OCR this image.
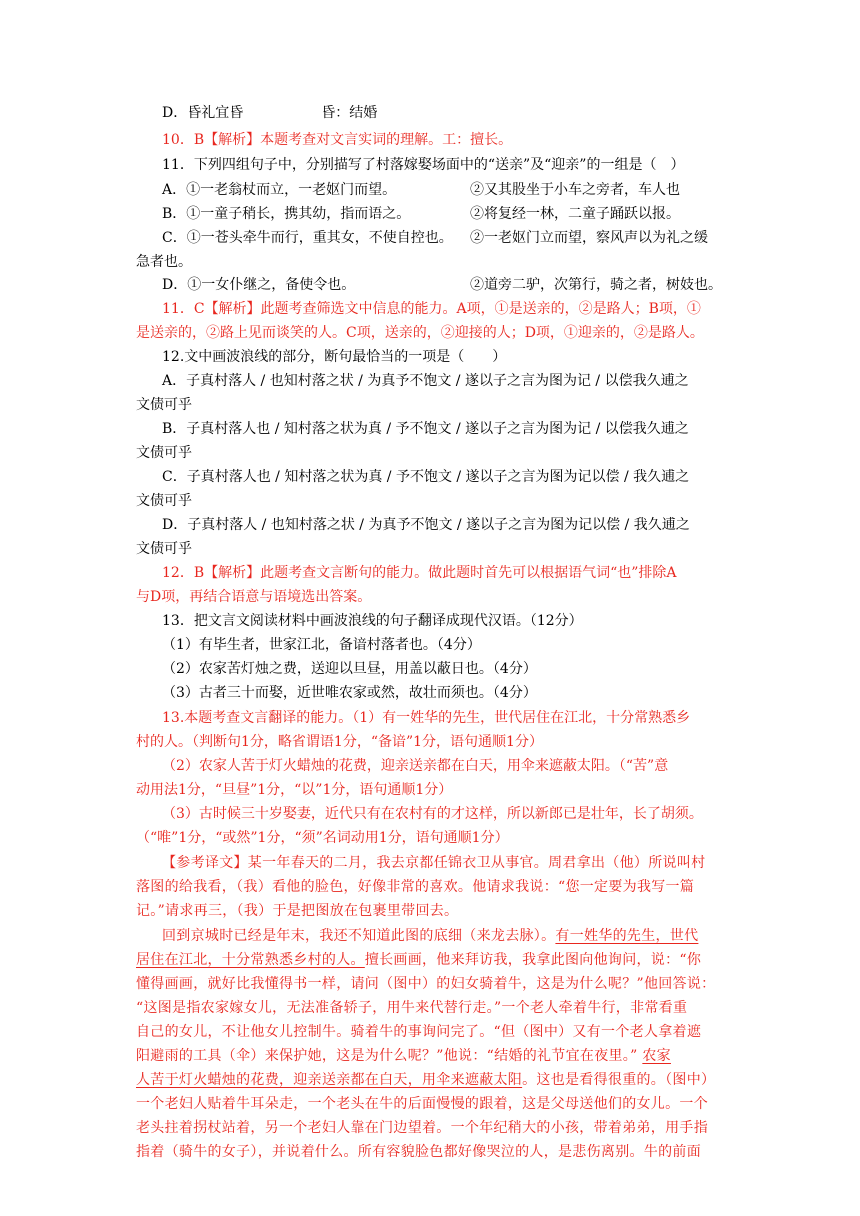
D．昏礼宜昏	昏：结婚
10．B【解析】本题考查对文言实词的理解。工：擅长。
11．下列四组句子中，分别描写了村落嫁娶场面中的“送亲”及“迎亲”的一组是（　）
A．①一老翁杖而立，一老妪门而望。	②又其股坐于小车之旁者，车人也
B．①一童子稍长，携其幼，指而语之。	②将复经一林，二童子踊跃以报。
C．①一苍头牵牛而行，重其女，不使自控也。 ②一老妪门立而望，察风声以为礼之缓
急者也。
D．①一女仆继之，备使令也。	②道旁二驴，次第行，骑之者，树妓也。
11．C【解析】此题考查筛选文中信息的能力。A项，①是送亲的，②是路人；B项，①
是送亲的，②路上见而谈笑的人。C项，送亲的，②迎接的人；D项，①迎亲的，②是路人。
12.文中画波浪线的部分，断句最恰当的一项是（　　）
A．子真村落人 / 也知村落之状 / 为真予不饱文 / 遂以子之言为图为记 / 以偿我久逋之
文债可乎
B．子真村落人也 / 知村落之状为真 / 予不饱文 / 遂以子之言为图为记 / 以偿我久逋之
文债可乎
C．子真村落人也 / 知村落之状为真 / 予不饱文 / 遂以子之言为图为记以偿 / 我久逋之
文债可乎
D．子真村落人 / 也知村落之状 / 为真予不饱文 / 遂以子之言为图为记以偿 / 我久逋之
文债可乎
12．B【解析】此题考查文言断句的能力。做此题时首先可以根据语气词“也”排除A
与D项，再结合语意与语境选出答案。
13．把文言文阅读材料中画波浪线的句子翻译成现代汉语。（12分）
（1）有毕生者，世家江北，备谙村落者也。（4分）
（2）农家苦灯烛之费，送迎以旦昼，用盖以蔽日也。（4分）
（3）古者三十而娶，近世唯农家或然，故壮而须也。（4分）
13.本题考查文言翻译的能力。（1）有一姓华的先生，世代居住在江北，十分常熟悉乡
村的人。（判断句1分，略省谓语1分，“备谙”1分，语句通顺1分）
（2）农家人苦于灯火蜡烛的花费，迎亲送亲都在白天，用伞来遮蔽太阳。（“苦”意
动用法1分，“旦昼”1分，“以”1分，语句通顺1分）
（3）古时候三十岁娶妻，近代只有在农村有的才这样，所以新郎已是壮年，长了胡须。
（“唯”1分，“或然”1分，“须”名词动用1分，语句通顺1分）
【参考译文】某一年春天的二月，我去京都任锦衣卫从事官。周君拿出（他）所说叫村
落图的给我看，（我）看他的脸色，好像非常的喜欢。他请求我说：“您一定要为我写一篇
记。”请求再三，（我）于是把图放在包裹里带回去。
回到京城时已经是年末，我还不知道此图的底细（来龙去脉）。有一姓华的先生，世代
居住在江北，十分常熟悉乡村的人。擅长画画，他来拜访我，我拿此图向他询问，说：“你
懂得画画，就好比我懂得书一样，请问（图中）的妇女骑着牛，这是为什么呢？”他回答说：
“这图是指农家嫁女儿，无法准备轿子，用牛来代替行走。”一个老人牵着牛行，非常看重
自己的女儿，不让他女儿控制牛。骑着牛的事询问完了。“但（图中）又有一个老人拿着遮
阳避雨的工具（伞）来保护她，这是为什么呢？”他说：“结婚的礼节宜在夜里。” 农家
人苦于灯火蜡烛的花费，迎亲送亲都在白天，用伞来遮蔽太阳。这也是看得很重的。（图中）
一个老妇人贴着牛耳朵走，一个老头在牛的后面慢慢的跟着，这是父母送他们的女儿。一个
老头拄着拐杖站着，另一个老妇人靠在门边望着。一个年纪稍大的小孩，带着弟弟，用手指
指着（骑牛的女子），并说着什么。所有容貌脸色都好像哭泣的人，是悲伤离别。牛的前面
